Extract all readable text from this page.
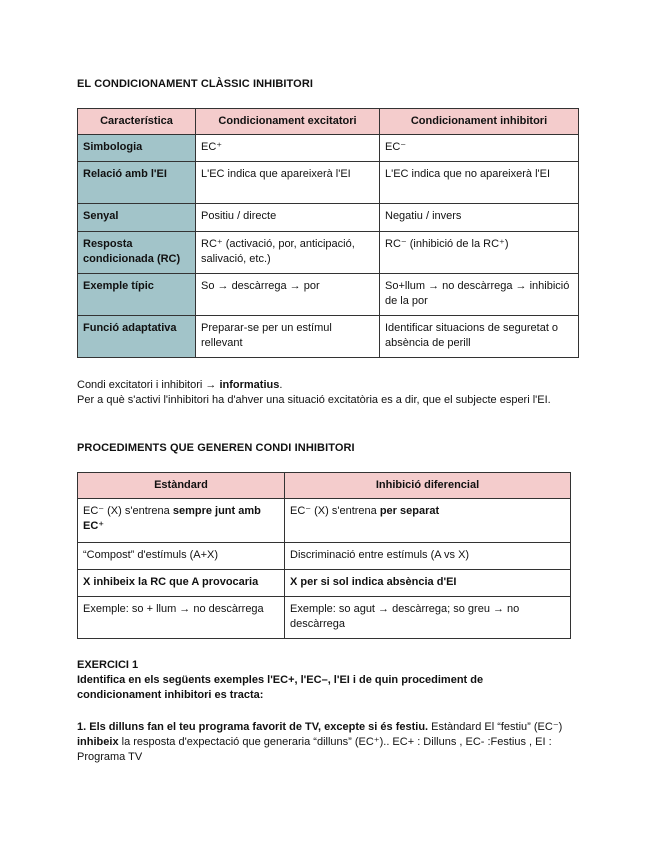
EL CONDICIONAMENT CLÀSSIC INHIBITORI
Característica	Condicionament excitatori	Condicionament inhibitori
Simbologia	EC⁺	EC⁻
Relació amb l'EI	L'EC indica que apareixerà l'EI	L'EC indica que no apareixerà l'EI
Senyal	Positiu / directe	Negatiu / invers
Resposta condicionada (RC)	RC⁺ (activació, por, anticipació, salivació, etc.)	RC⁻ (inhibició de la RC⁺)
Exemple típic	So → descàrrega → por	So+llum → no descàrrega → inhibició de la por
Funció adaptativa	Preparar-se per un estímul rellevant	Identificar situacions de seguretat o absència de perill

Condi excitatori i inhibitori → informatius.
Per a què s'activi l'inhibitori ha d'ahver una situació excitatòria es a dir, que el subjecte esperi l'EI.

PROCEDIMENTS QUE GENEREN CONDI INHIBITORI
Estàndard	Inhibició diferencial
EC⁻ (X) s'entrena sempre junt amb EC⁺	EC⁻ (X) s'entrena per separat
“Compost” d'estímuls (A+X)	Discriminació entre estímuls (A vs X)
X inhibeix la RC que A provocaria	X per si sol indica absència d'EI
Exemple: so + llum → no descàrrega	Exemple: so agut → descàrrega; so greu → no descàrrega

EXERCICI 1

Identifica en els següents exemples l'EC+, l'EC–, l'EI i de quin procediment de condicionament inhibitori es tracta:

1. Els dilluns fan el teu programa favorit de TV, excepte si és festiu. Estàndard El “festiu” (EC⁻) inhibeix la resposta d'expectació que generaria “dilluns” (EC⁺).. EC+ : Dilluns , EC- :Festius , EI : Programa TV
